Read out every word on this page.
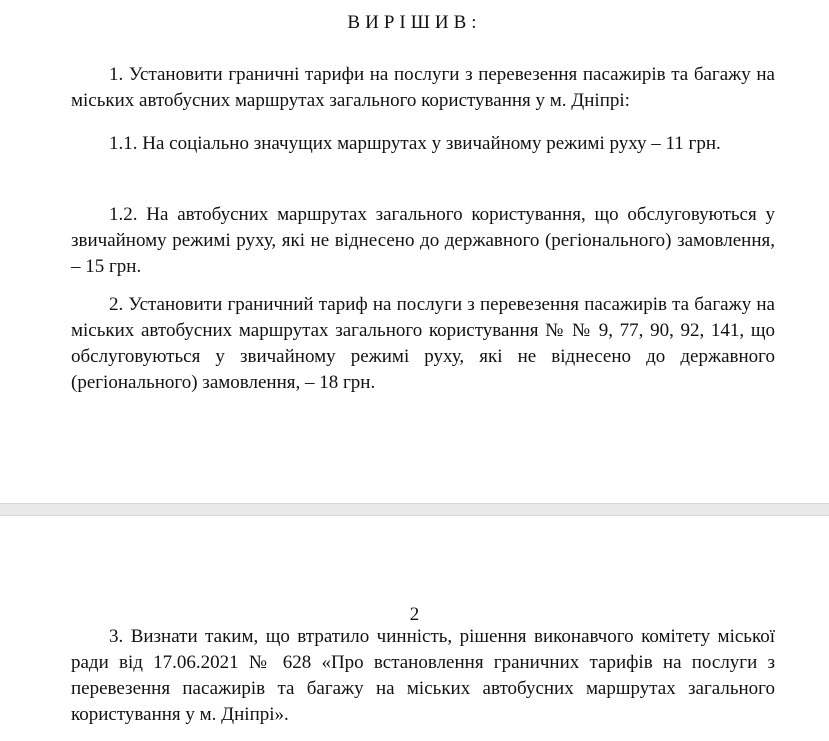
ВИРІШИВ:

1. Установити граничні тарифи на послуги з перевезення пасажирів та багажу на міських автобусних маршрутах загального користування у м. Дніпрі:

1.1. На соціально значущих маршрутах у звичайному режимі руху – 11 грн.

1.2. На автобусних маршрутах загального користування, що обслуговуються у звичайному режимі руху, які не віднесено до державного (регіонального) замовлення, – 15 грн.

2. Установити граничний тариф на послуги з перевезення пасажирів та багажу на міських автобусних маршрутах загального користування № № 9, 77, 90, 92, 141, що обслуговуються у звичайному режимі руху, які не віднесено до державного (регіонального) замовлення, – 18 грн.

2

3. Визнати таким, що втратило чинність, рішення виконавчого комітету міської ради від 17.06.2021 № 628 «Про встановлення граничних тарифів на послуги з перевезення пасажирів та багажу на міських автобусних маршрутах загального користування у м. Дніпрі».
